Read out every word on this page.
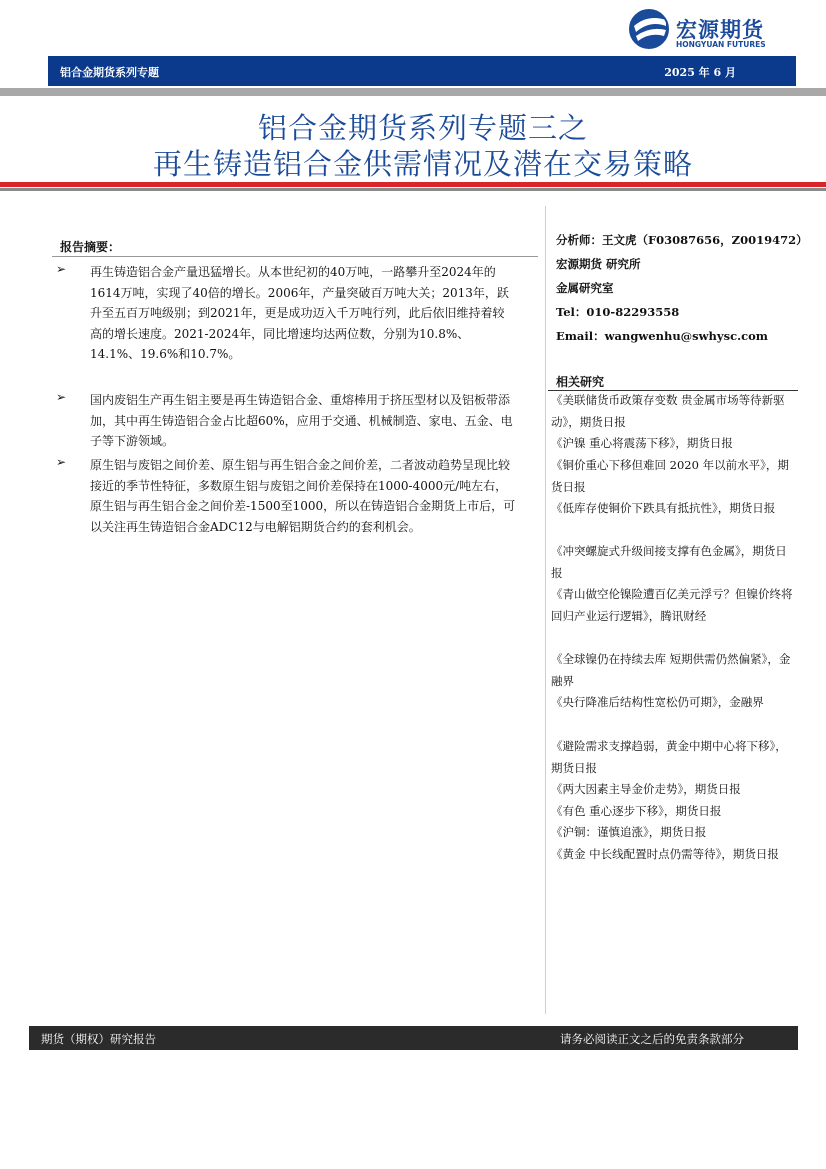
宏源期货
HONGYUAN FUTURES
铝合金期货系列专题	2025 年 6 月
铝合金期货系列专题三之
再生铸造铝合金供需情况及潜在交易策略
报告摘要：
➢ 再生铸造铝合金产量迅猛增长。从本世纪初的40万吨，一路攀升至2024年的1614万吨，实现了40倍的增长。2006年，产量突破百万吨大关；2013年，跃升至五百万吨级别；到2021年，更是成功迈入千万吨行列，此后依旧维持着较高的增长速度。2021-2024年，同比增速均达两位数，分别为10.8%、14.1%、19.6%和10.7%。
➢ 国内废铝生产再生铝主要是再生铸造铝合金、重熔棒用于挤压型材以及铝板带添加，其中再生铸造铝合金占比超60%，应用于交通、机械制造、家电、五金、电子等下游领域。
➢ 原生铝与废铝之间价差、原生铝与再生铝合金之间价差，二者波动趋势呈现比较接近的季节性特征，多数原生铝与废铝之间价差保持在1000-4000元/吨左右，原生铝与再生铝合金之间价差-1500至1000，所以在铸造铝合金期货上市后，可以关注再生铸造铝合金ADC12与电解铝期货合约的套利机会。
分析师：王文虎（F03087656，Z0019472）
宏源期货 研究所
金属研究室
Tel：010-82293558
Email：wangwenhu@swhysc.com
相关研究
《美联储货币政策存变数 贵金属市场等待新驱动》，期货日报
《沪镍 重心将震荡下移》，期货日报
《铜价重心下移但难回 2020 年以前水平》，期货日报
《低库存使铜价下跌具有抵抗性》，期货日报
《冲突螺旋式升级间接支撑有色金属》，期货日报
《青山做空伦镍险遭百亿美元浮亏？但镍价终将回归产业运行逻辑》，腾讯财经
《全球镍仍在持续去库 短期供需仍然偏紧》，金融界
《央行降准后结构性宽松仍可期》，金融界
《避险需求支撑趋弱，黄金中期中心将下移》，期货日报
《两大因素主导金价走势》，期货日报
《有色 重心逐步下移》，期货日报
《沪铜：谨慎追涨》，期货日报
《黄金 中长线配置时点仍需等待》，期货日报
期货（期权）研究报告	请务必阅读正文之后的免责条款部分
